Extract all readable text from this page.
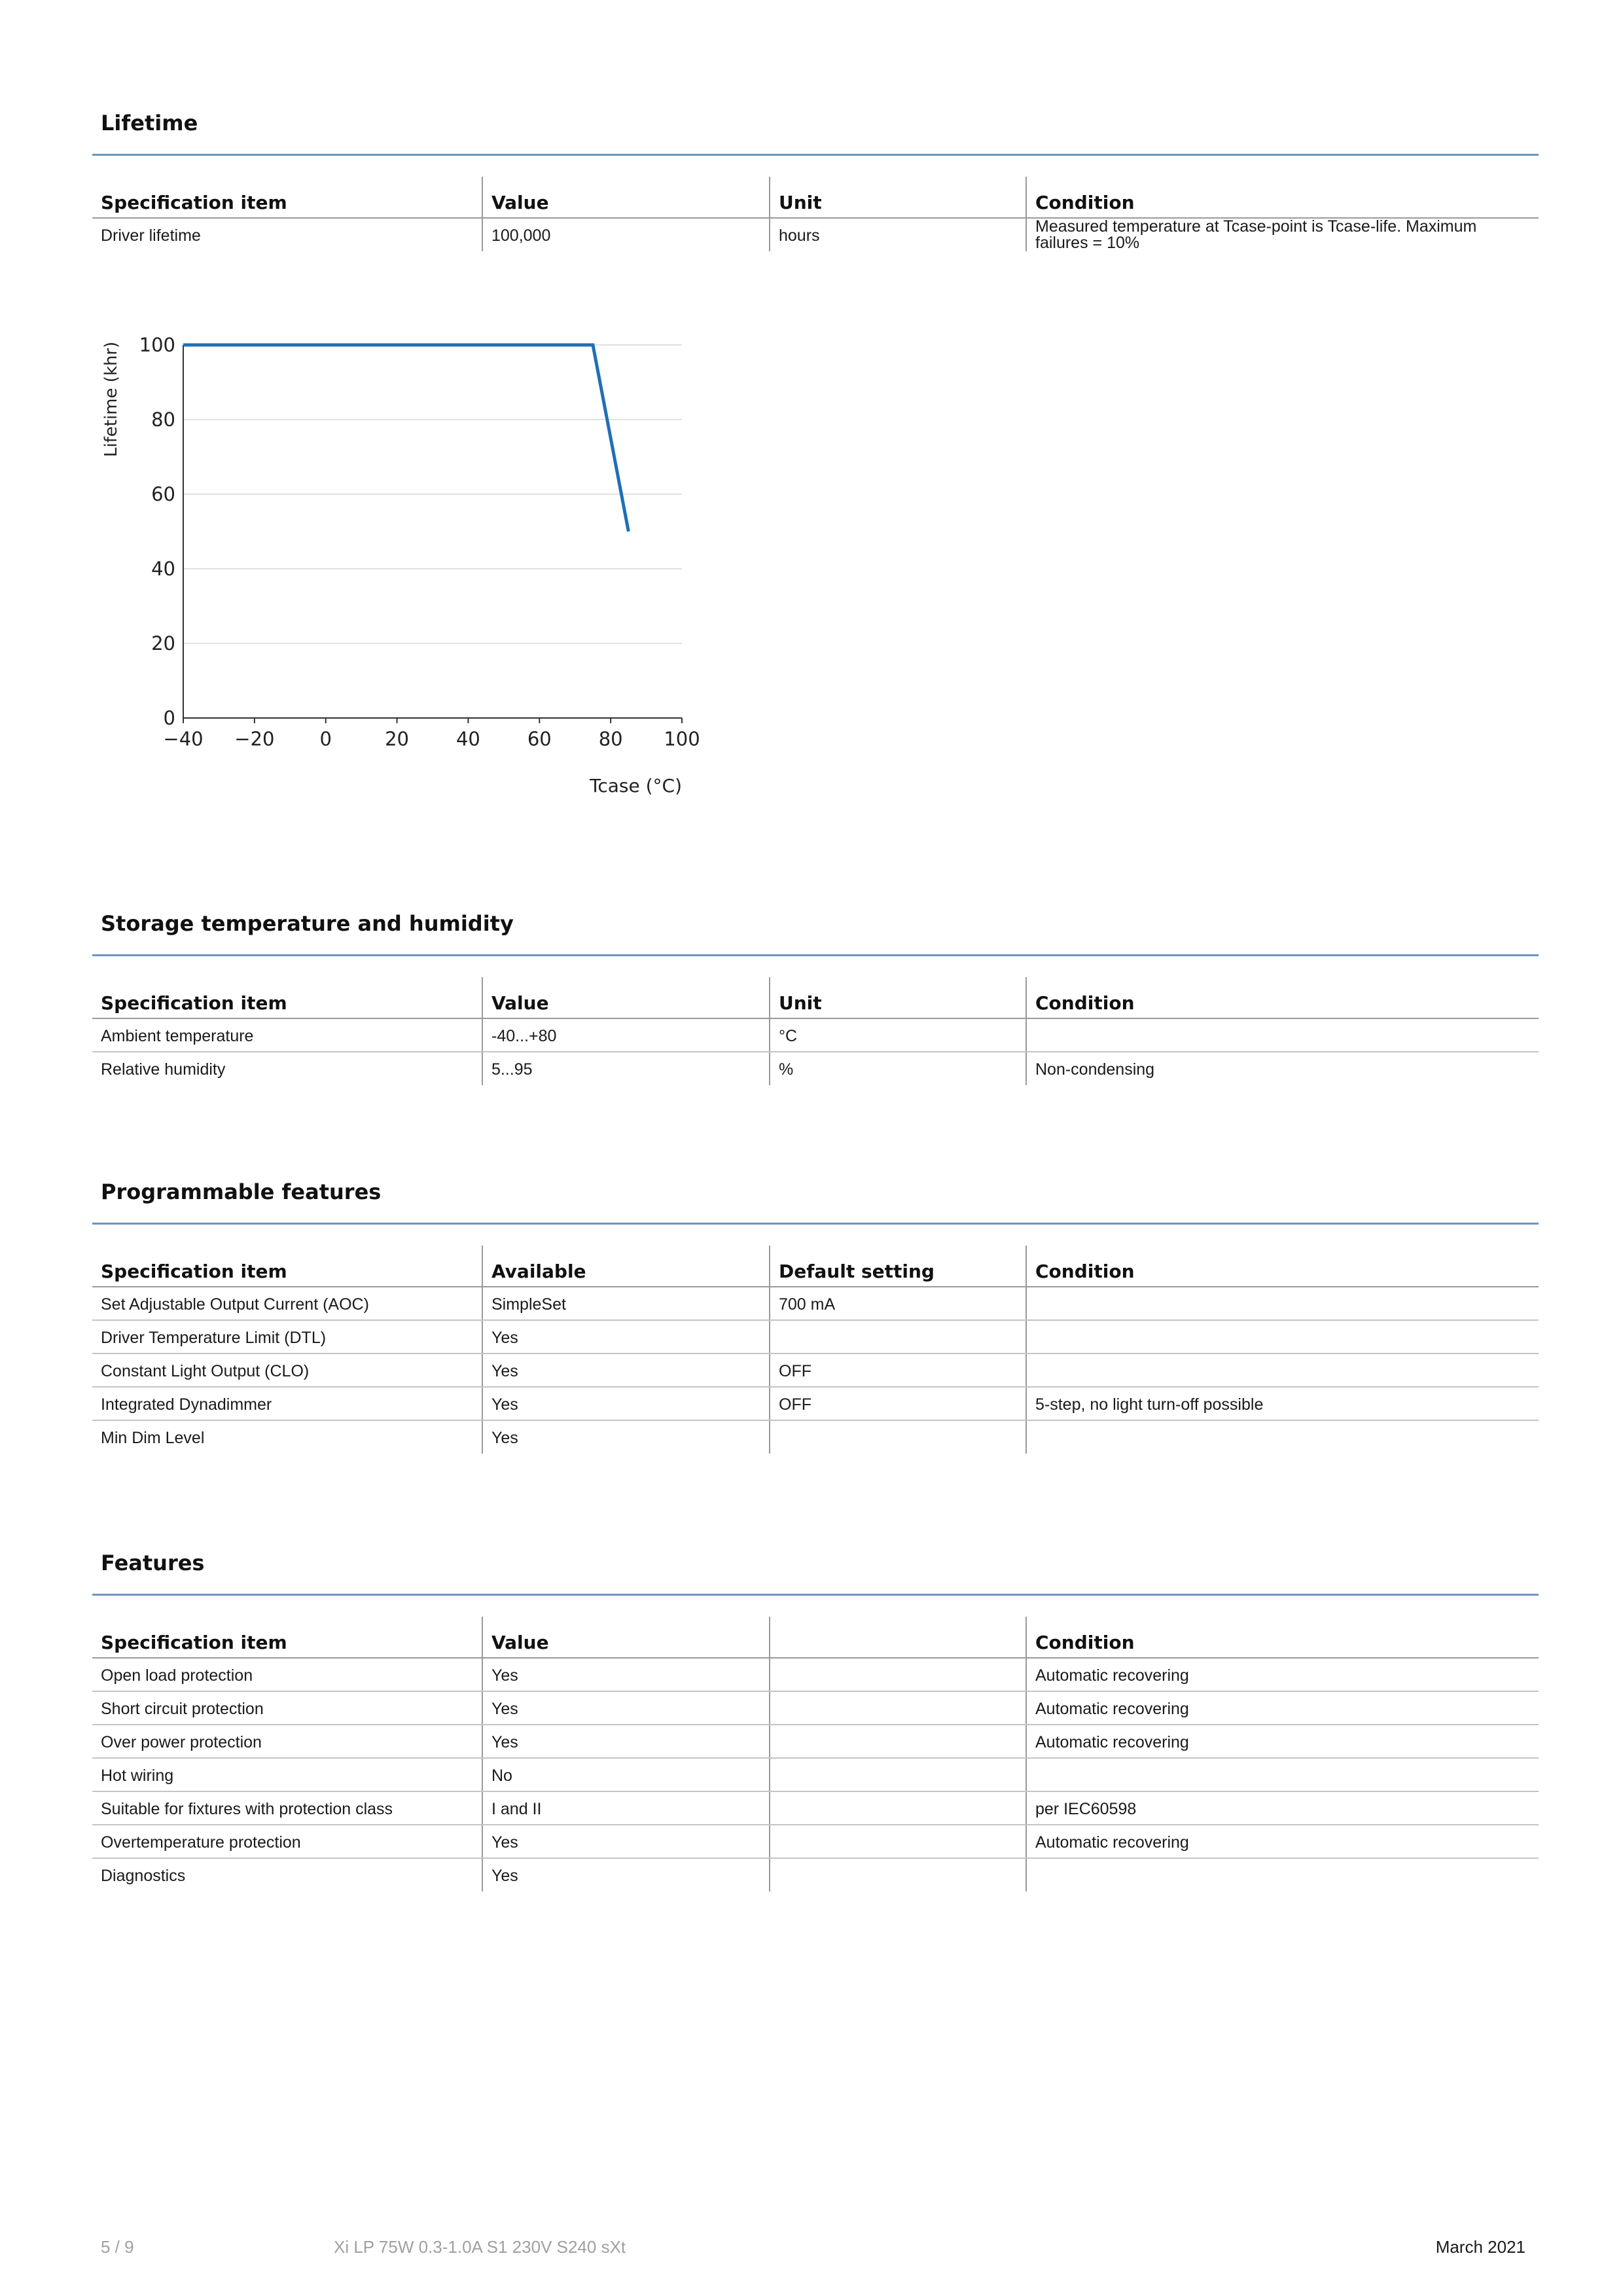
Lifetime
Specification item	Value	Unit	Condition
Driver lifetime	100,000	hours	Measured temperature at Tcase-point is Tcase-life. Maximum failures = 10%
0
20
40
60
80
100
−40 −20 0	20 40 60 80 100
Lifetime (khr)
Tcase (°C)
Storage temperature and humidity
Specification item	Value	Unit	Condition
Ambient temperature	-40...+80	°C	
Relative humidity	5...95	%	Non-condensing
Programmable features
Specification item	Available	Default setting	Condition
Set Adjustable Output Current (AOC)	SimpleSet	700 mA	
Driver Temperature Limit (DTL)	Yes		
Constant Light Output (CLO)	Yes	OFF	
Integrated Dynadimmer	Yes	OFF	5-step, no light turn-off possible
Min Dim Level	Yes		
Features
Specification item	Value		Condition
Open load protection	Yes		Automatic recovering
Short circuit protection	Yes		Automatic recovering
Over power protection	Yes		Automatic recovering
Hot wiring	No		
Suitable for fixtures with protection class	I and II		per IEC60598
Overtemperature protection	Yes		Automatic recovering
Diagnostics	Yes		
5 / 9	Xi LP 75W 0.3-1.0A S1 230V S240 sXt	March 2021
